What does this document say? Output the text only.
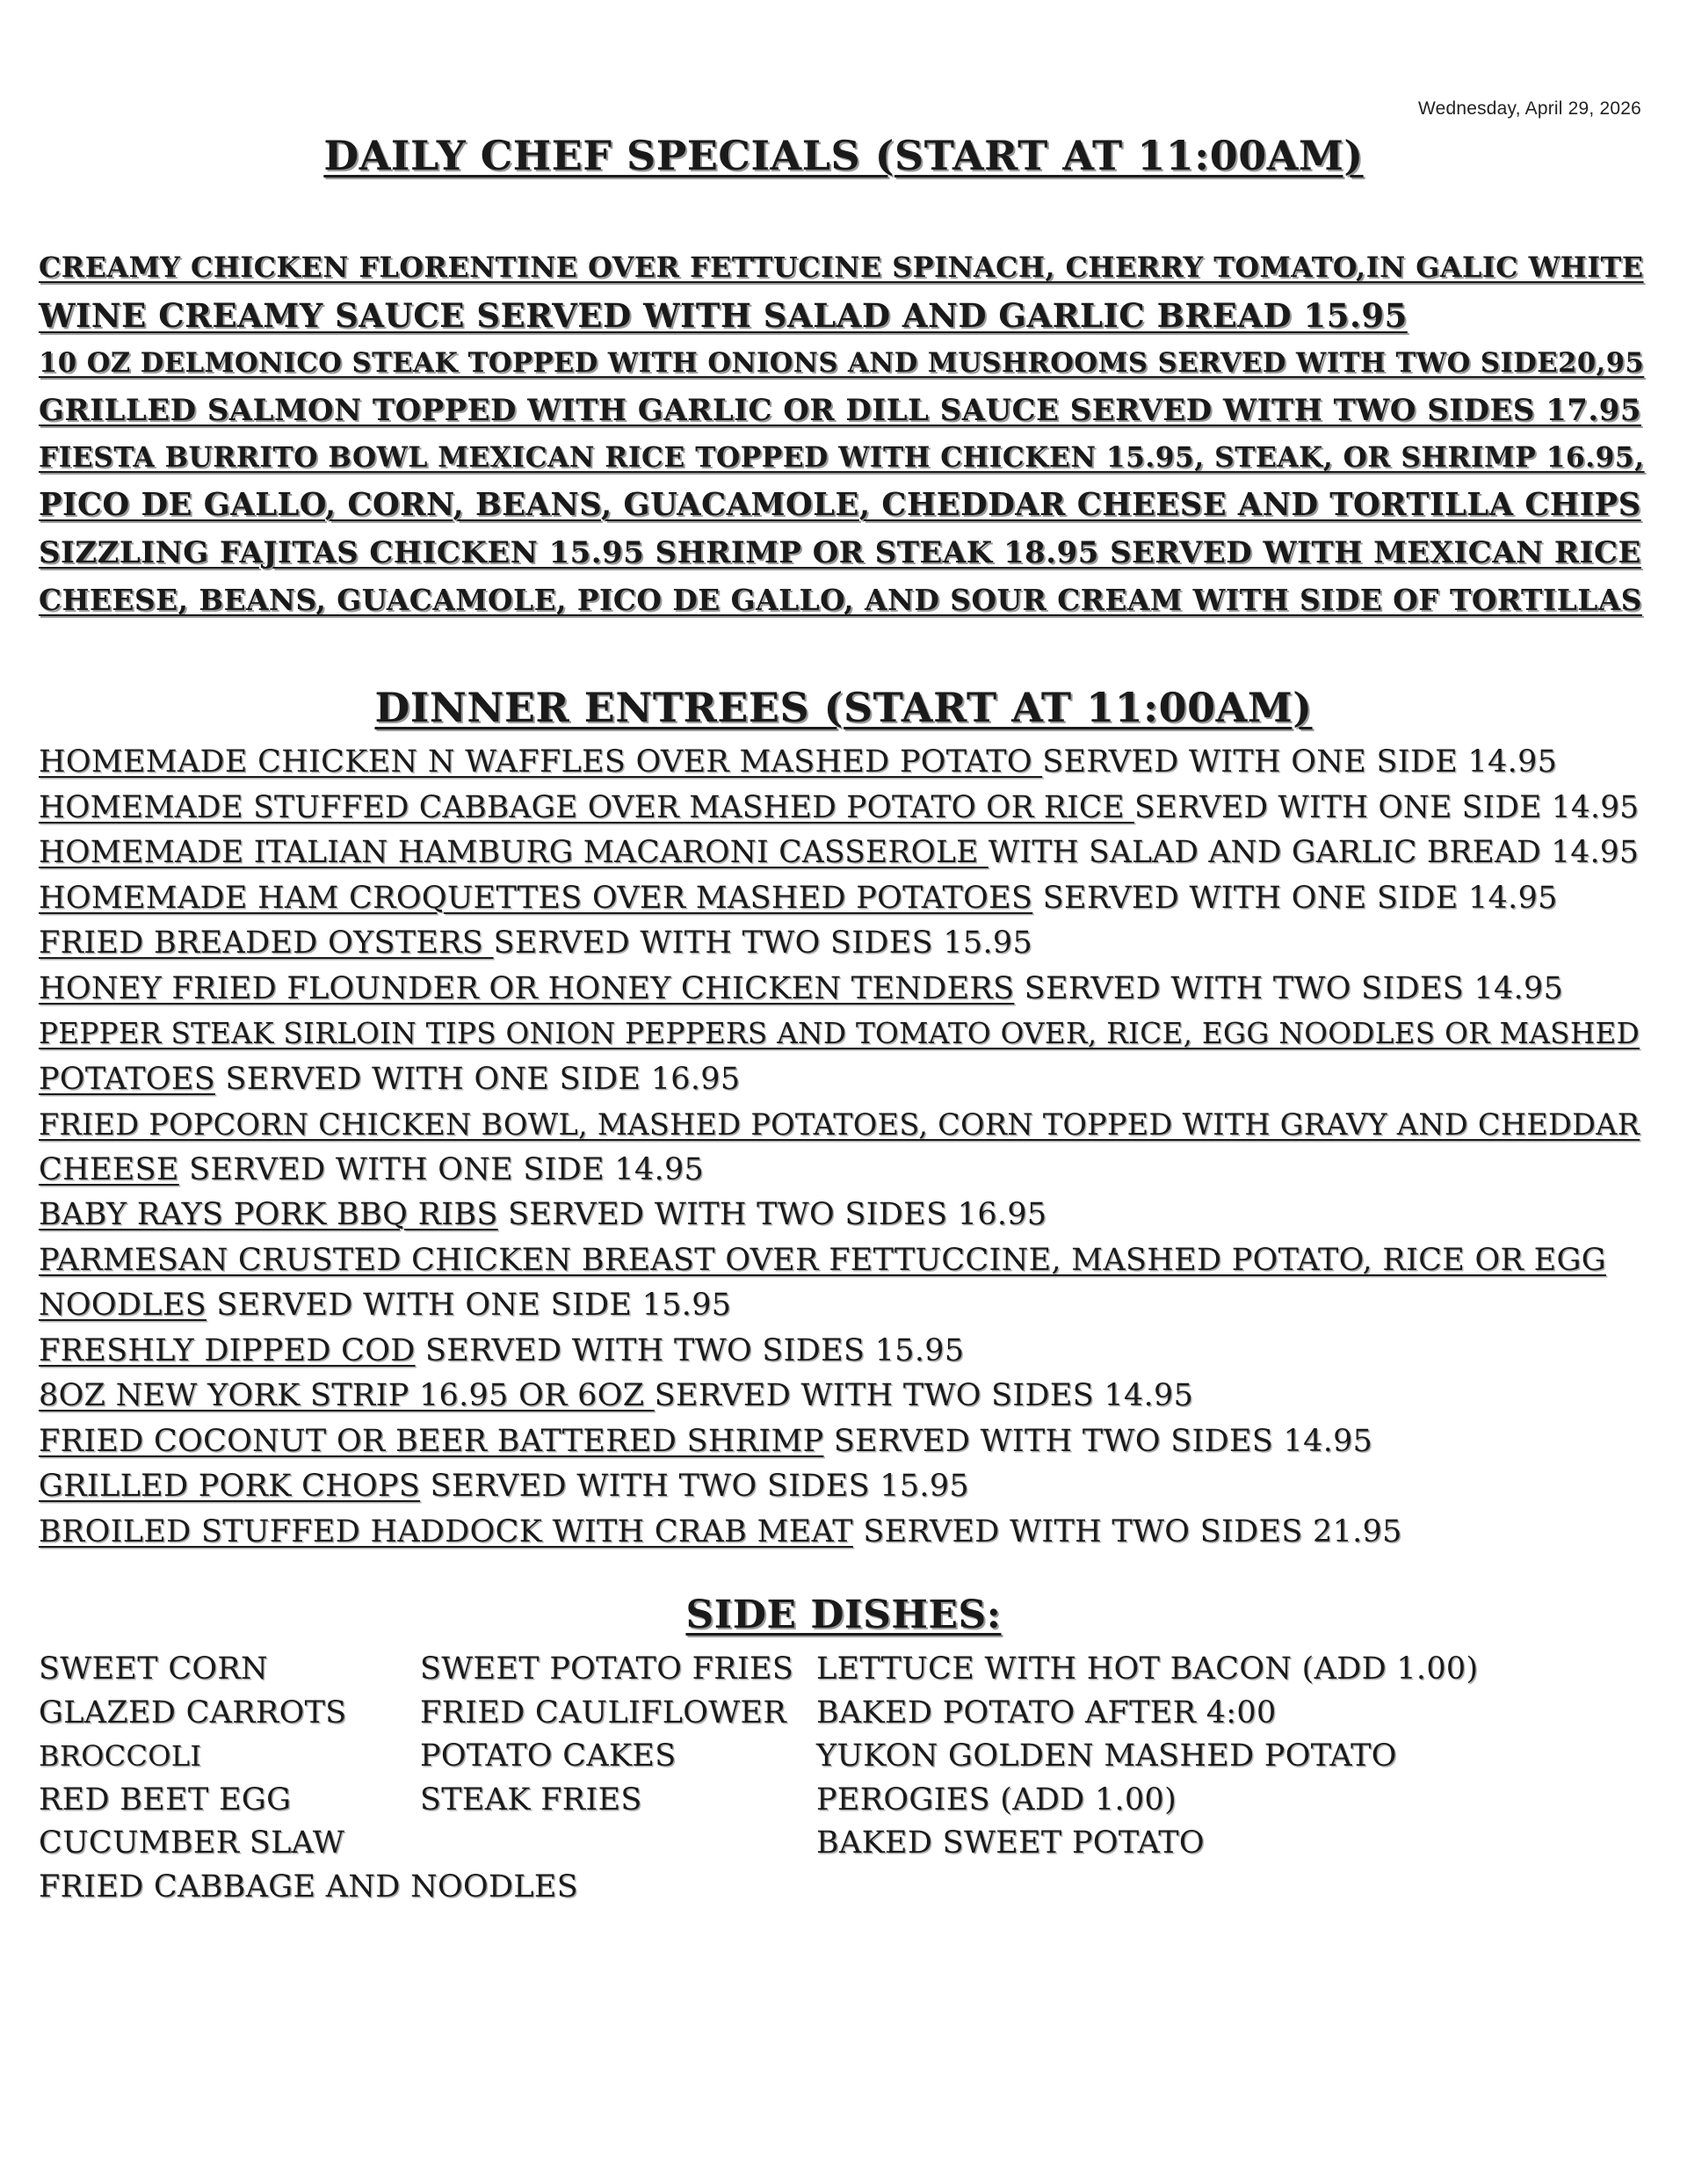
Wednesday, April 29, 2026
DAILY CHEF SPECIALS (START AT 11:00AM)
CREAMY CHICKEN FLORENTINE OVER FETTUCINE SPINACH, CHERRY TOMATO,IN GALIC WHITE
WINE CREAMY SAUCE SERVED WITH SALAD AND GARLIC BREAD 15.95
10 OZ DELMONICO STEAK TOPPED WITH ONIONS AND MUSHROOMS SERVED WITH TWO SIDE20,95
GRILLED SALMON TOPPED WITH GARLIC OR DILL SAUCE SERVED WITH TWO SIDES 17.95
FIESTA BURRITO BOWL MEXICAN RICE TOPPED WITH CHICKEN 15.95, STEAK, OR SHRIMP 16.95,
PICO DE GALLO, CORN, BEANS, GUACAMOLE, CHEDDAR CHEESE AND TORTILLA CHIPS
SIZZLING FAJITAS CHICKEN 15.95 SHRIMP OR STEAK 18.95 SERVED WITH MEXICAN RICE
CHEESE, BEANS, GUACAMOLE, PICO DE GALLO, AND SOUR CREAM WITH SIDE OF TORTILLAS
DINNER ENTREES (START AT 11:00AM)
HOMEMADE CHICKEN N WAFFLES OVER MASHED POTATO SERVED WITH ONE SIDE 14.95
HOMEMADE STUFFED CABBAGE OVER MASHED POTATO OR RICE SERVED WITH ONE SIDE 14.95
HOMEMADE ITALIAN HAMBURG MACARONI CASSEROLE WITH SALAD AND GARLIC BREAD 14.95
HOMEMADE HAM CROQUETTES OVER MASHED POTATOES SERVED WITH ONE SIDE 14.95
FRIED BREADED OYSTERS SERVED WITH TWO SIDES 15.95
HONEY FRIED FLOUNDER OR HONEY CHICKEN TENDERS SERVED WITH TWO SIDES 14.95
PEPPER STEAK SIRLOIN TIPS ONION PEPPERS AND TOMATO OVER, RICE, EGG NOODLES OR MASHED
POTATOES SERVED WITH ONE SIDE 16.95
FRIED POPCORN CHICKEN BOWL, MASHED POTATOES, CORN TOPPED WITH GRAVY AND CHEDDAR
CHEESE SERVED WITH ONE SIDE 14.95
BABY RAYS PORK BBQ RIBS SERVED WITH TWO SIDES 16.95
PARMESAN CRUSTED CHICKEN BREAST OVER FETTUCCINE, MASHED POTATO, RICE OR EGG
NOODLES SERVED WITH ONE SIDE 15.95
FRESHLY DIPPED COD SERVED WITH TWO SIDES 15.95
8OZ NEW YORK STRIP 16.95 OR 6OZ SERVED WITH TWO SIDES 14.95
FRIED COCONUT OR BEER BATTERED SHRIMP SERVED WITH TWO SIDES 14.95
GRILLED PORK CHOPS SERVED WITH TWO SIDES 15.95
BROILED STUFFED HADDOCK WITH CRAB MEAT SERVED WITH TWO SIDES 21.95
SIDE DISHES:
SWEET CORN
GLAZED CARROTS
BROCCOLI
RED BEET EGG
CUCUMBER SLAW
FRIED CABBAGE AND NOODLES
SWEET POTATO FRIES
FRIED CAULIFLOWER
POTATO CAKES
STEAK FRIES
LETTUCE WITH HOT BACON (ADD 1.00)
BAKED POTATO AFTER 4:00
YUKON GOLDEN MASHED POTATO
PEROGIES (ADD 1.00)
BAKED SWEET POTATO
